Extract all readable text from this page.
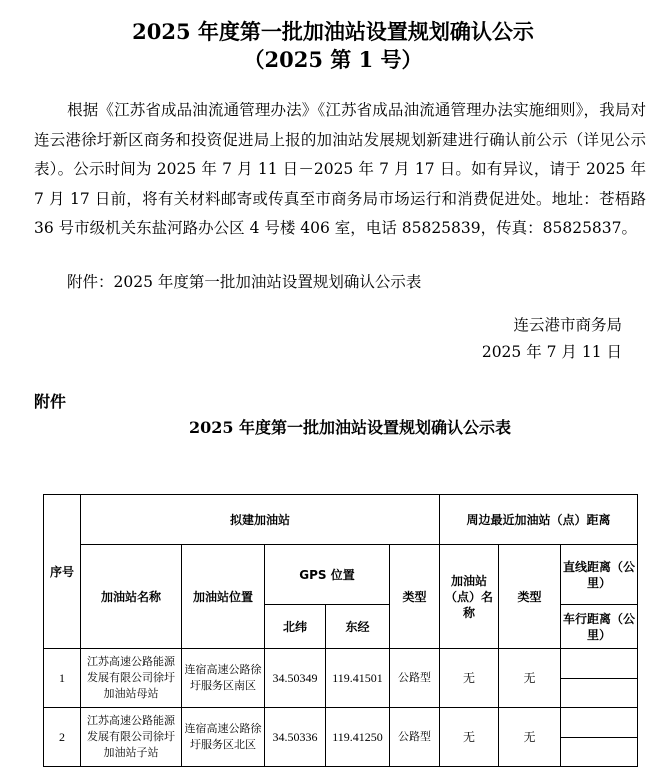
2025 年度第一批加油站设置规划确认公示
（2025 第 1 号）
根据《江苏省成品油流通管理办法》《江苏省成品油流通管理办法实施细则》，我局对连云港徐圩新区商务和投资促进局上报的加油站发展规划新建进行确认前公示（详见公示表）。公示时间为 2025 年 7 月 11 日－2025 年 7 月 17 日。如有异议，请于 2025 年 7 月 17 日前，将有关材料邮寄或传真至市商务局市场运行和消费促进处。地址：苍梧路 36 号市级机关东盐河路办公区 4 号楼 406 室，电话 85825839，传真：85825837。
附件：2025 年度第一批加油站设置规划确认公示表
连云港市商务局
2025 年 7 月 11 日
附件
2025 年度第一批加油站设置规划确认公示表
序号	拟建加油站					周边最近加油站（点）距离		
	加油站名称	加油站位置	GPS 位置		类型	加油站（点）名称	类型	直线距离（公里）
			北纬	东经				车行距离（公里）

1	江苏高速公路能源发展有限公司徐圩加油站母站	连宿高速公路徐圩服务区南区	34.50349	119.41501	公路型	无	无	

2	江苏高速公路能源发展有限公司徐圩加油站子站	连宿高速公路徐圩服务区北区	34.50336	119.41250	公路型	无	无	
